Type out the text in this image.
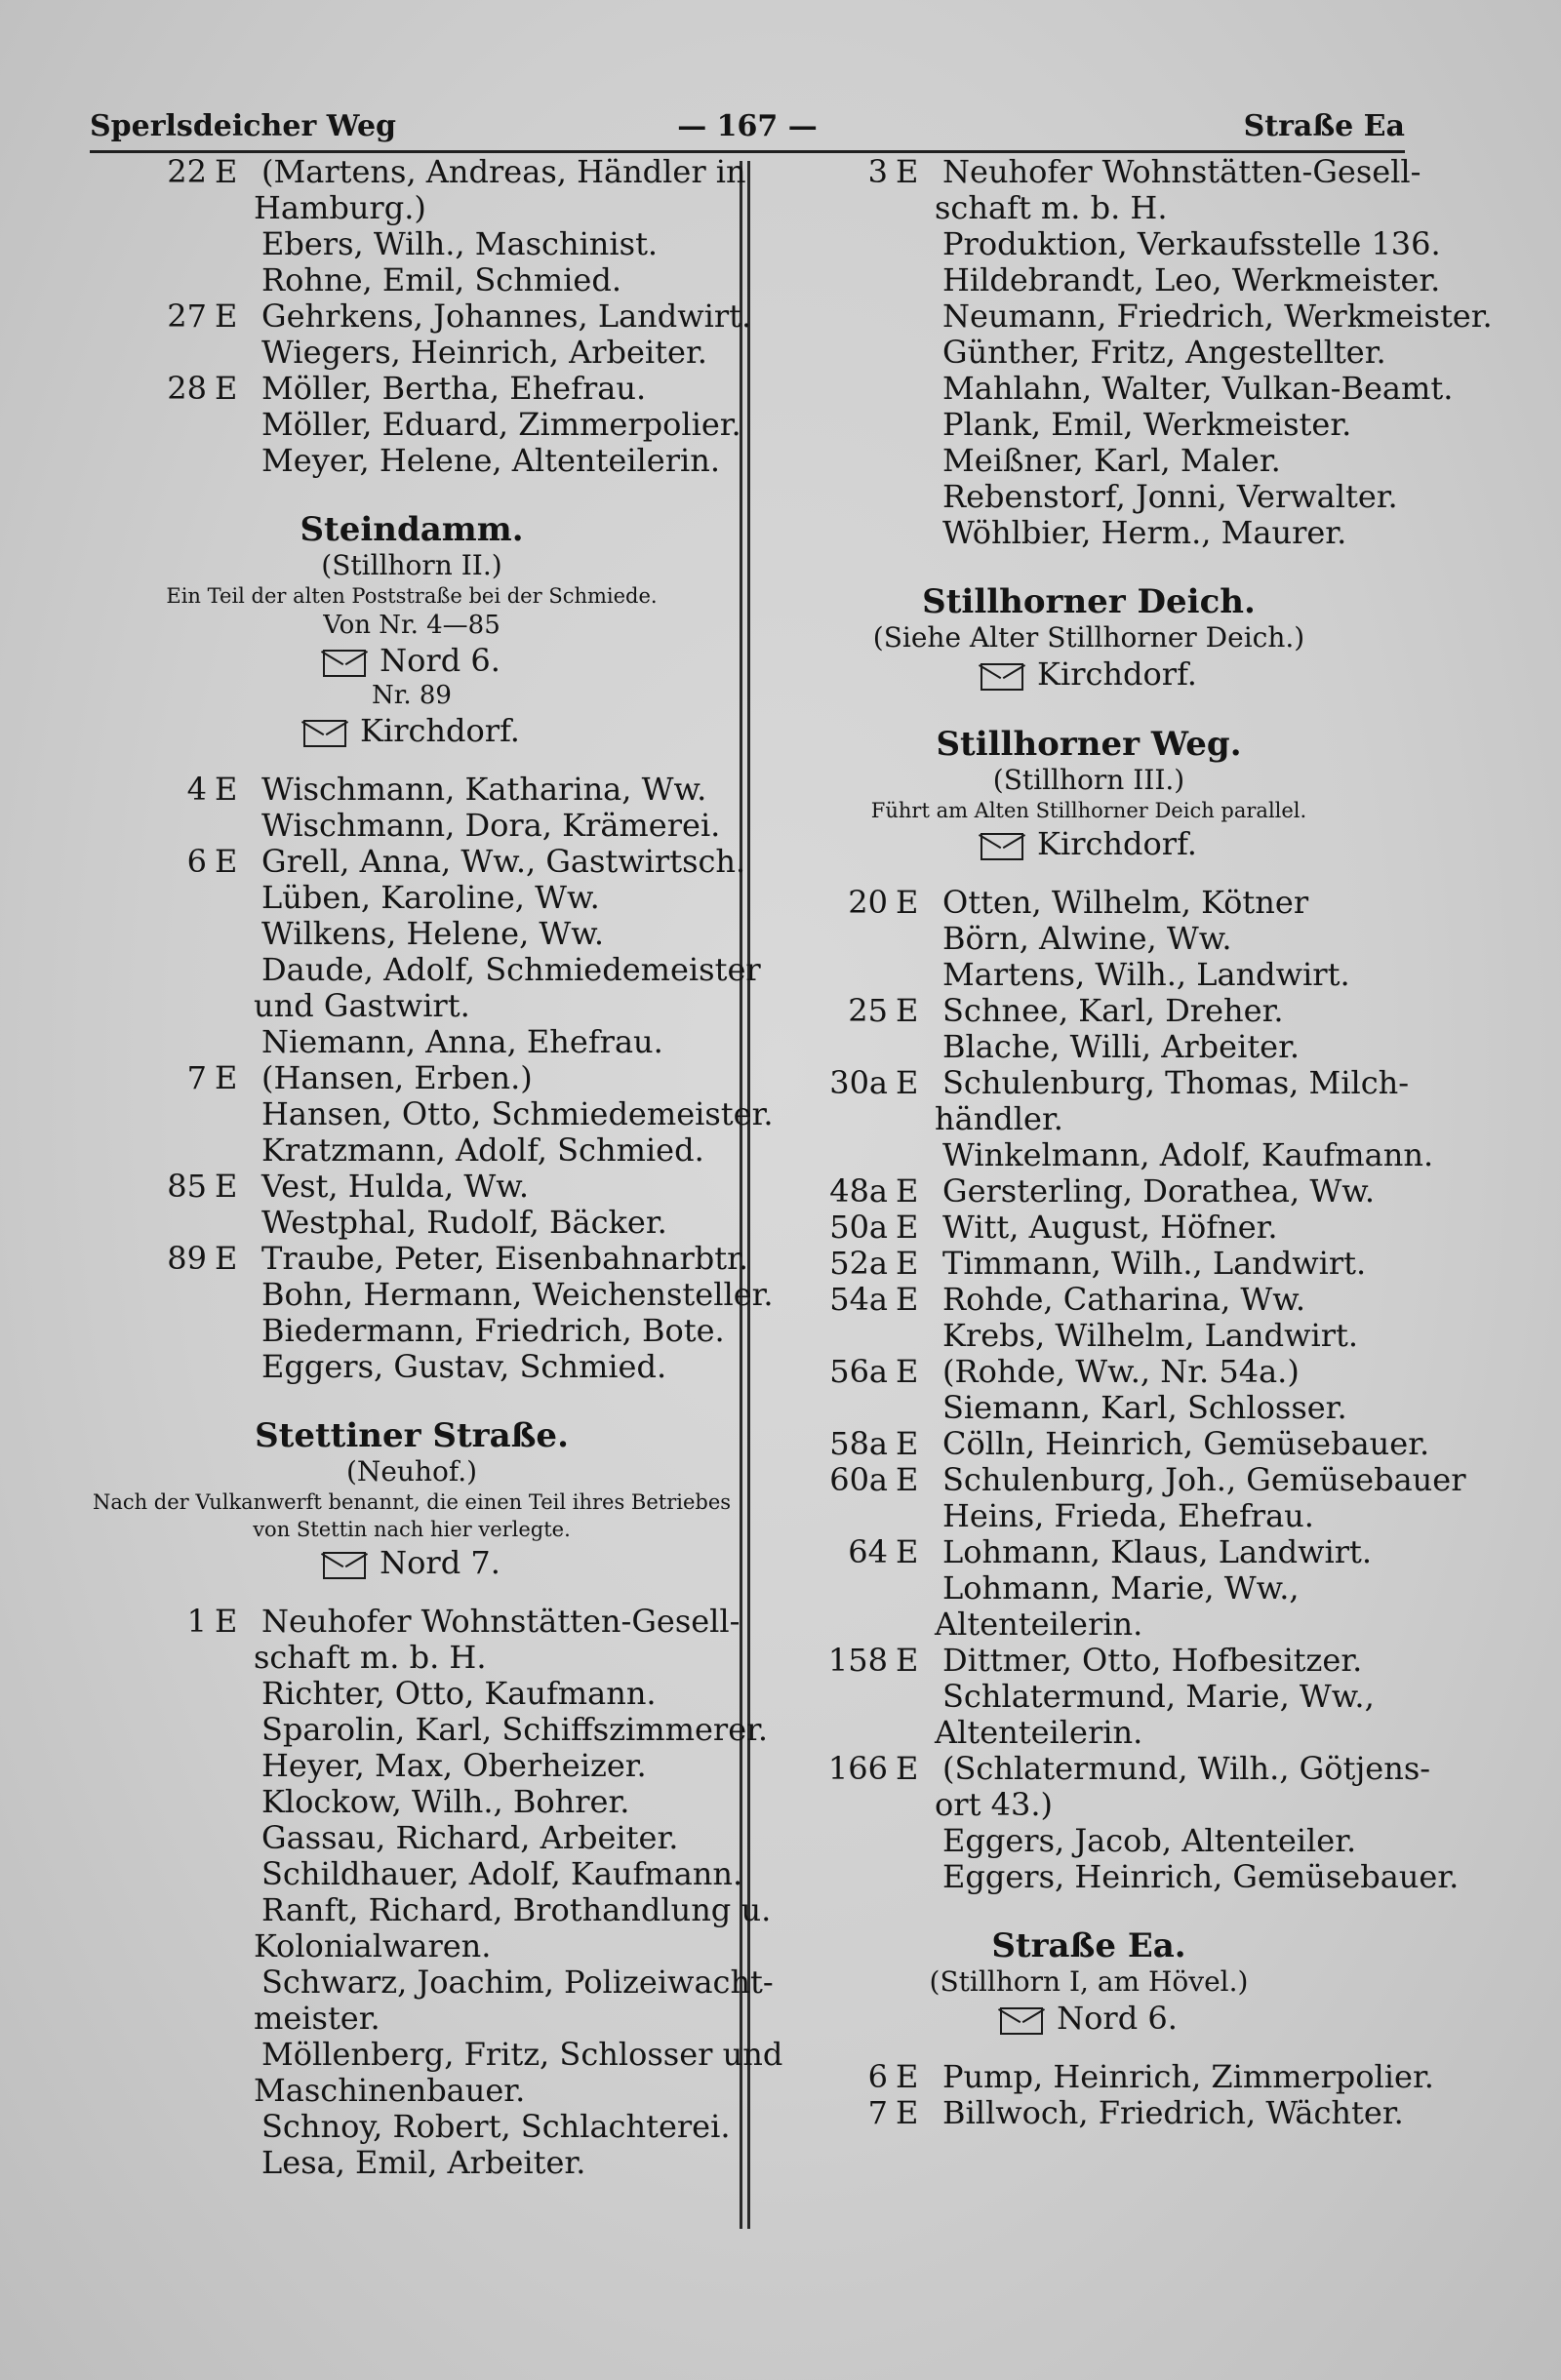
Sperlsdeicher Weg	— 167 —	Straße Ea
22 E (Martens, Andreas, Händler in
Hamburg.)
Ebers, Wilh., Maschinist.
Rohne, Emil, Schmied.
27 E Gehrkens, Johannes, Landwirt.
Wiegers, Heinrich, Arbeiter.
28 E Möller, Bertha, Ehefrau.
Möller, Eduard, Zimmerpolier.
Meyer, Helene, Altenteilerin.
Steindamm.
(Stillhorn II.)
Ein Teil der alten Poststraße bei der Schmiede.
Von Nr. 4—85
Nord 6.
Nr. 89
Kirchdorf.
4 E Wischmann, Katharina, Ww.
Wischmann, Dora, Krämerei.
6 E Grell, Anna, Ww., Gastwirtsch.
Lüben, Karoline, Ww.
Wilkens, Helene, Ww.
Daude, Adolf, Schmiedemeister
und Gastwirt.
Niemann, Anna, Ehefrau.
7 E (Hansen, Erben.)
Hansen, Otto, Schmiedemeister.
Kratzmann, Adolf, Schmied.
85 E Vest, Hulda, Ww.
Westphal, Rudolf, Bäcker.
89 E Traube, Peter, Eisenbahnarbtr.
Bohn, Hermann, Weichensteller.
Biedermann, Friedrich, Bote.
Eggers, Gustav, Schmied.
Stettiner Straße.
(Neuhof.)
Nach der Vulkanwerft benannt, die einen Teil ihres Betriebes von Stettin nach hier verlegte.
Nord 7.
1 E Neuhofer Wohnstätten-Gesell-
schaft m. b. H.
Richter, Otto, Kaufmann.
Sparolin, Karl, Schiffszimmerer.
Heyer, Max, Oberheizer.
Klockow, Wilh., Bohrer.
Gassau, Richard, Arbeiter.
Schildhauer, Adolf, Kaufmann.
Ranft, Richard, Brothandlung u.
Kolonialwaren.
Schwarz, Joachim, Polizeiwacht-
meister.
Möllenberg, Fritz, Schlosser und
Maschinenbauer.
Schnoy, Robert, Schlachterei.
Lesa, Emil, Arbeiter.
3 E Neuhofer Wohnstätten-Gesell-
schaft m. b. H.
Produktion, Verkaufsstelle 136.
Hildebrandt, Leo, Werkmeister.
Neumann, Friedrich, Werkmeister.
Günther, Fritz, Angestellter.
Mahlahn, Walter, Vulkan-Beamt.
Plank, Emil, Werkmeister.
Meißner, Karl, Maler.
Rebenstorf, Jonni, Verwalter.
Wöhlbier, Herm., Maurer.
Stillhorner Deich.
(Siehe Alter Stillhorner Deich.)
Kirchdorf.
Stillhorner Weg.
(Stillhorn III.)
Führt am Alten Stillhorner Deich parallel.
Kirchdorf.
20 E Otten, Wilhelm, Kötner
Börn, Alwine, Ww.
Martens, Wilh., Landwirt.
25 E Schnee, Karl, Dreher.
Blache, Willi, Arbeiter.
30a E Schulenburg, Thomas, Milch-
händler.
Winkelmann, Adolf, Kaufmann.
48a E Gersterling, Dorathea, Ww.
50a E Witt, August, Höfner.
52a E Timmann, Wilh., Landwirt.
54a E Rohde, Catharina, Ww.
Krebs, Wilhelm, Landwirt.
56a E (Rohde, Ww., Nr. 54a.)
Siemann, Karl, Schlosser.
58a E Cölln, Heinrich, Gemüsebauer.
60a E Schulenburg, Joh., Gemüsebauer
Heins, Frieda, Ehefrau.
64 E Lohmann, Klaus, Landwirt.
Lohmann, Marie, Ww.,
Altenteilerin.
158 E Dittmer, Otto, Hofbesitzer.
Schlatermund, Marie, Ww.,
Altenteilerin.
166 E (Schlatermund, Wilh., Götjens-
ort 43.)
Eggers, Jacob, Altenteiler.
Eggers, Heinrich, Gemüsebauer.
Straße Ea.
(Stillhorn I, am Hövel.)
Nord 6.
6 E Pump, Heinrich, Zimmerpolier.
7 E Billwoch, Friedrich, Wächter.
